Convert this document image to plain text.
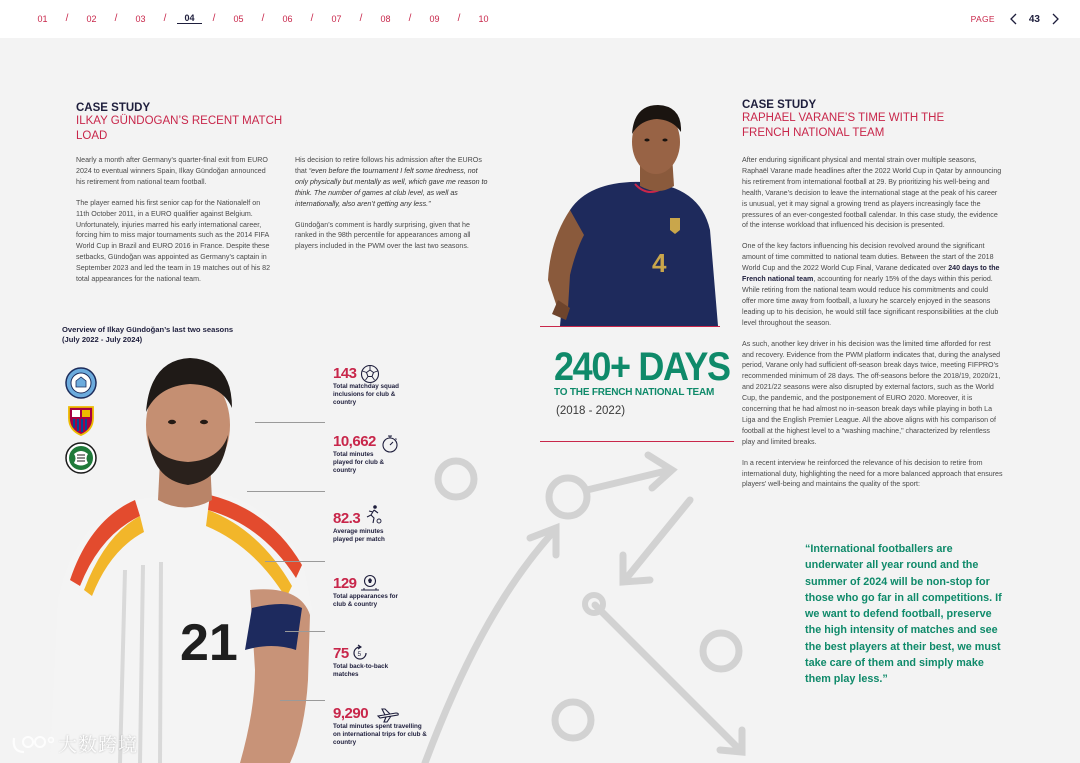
01	/	02	/	03	/	04	/	05	/	06	/	07	/	08	/	09	/	10	PAGE	43
CASE STUDY
ILKAY GÜNDOGAN’S RECENT MATCH LOAD

Nearly a month after Germany’s quarter-final exit from EURO 2024 to eventual winners Spain, Ilkay Gündoğan announced his retirement from national team football.

The player earned his first senior cap for the Nationalelf on 11th October 2011, in a EURO qualifier against Belgium. Unfortunately, injuries marred his early international career, forcing him to miss major tournaments such as the 2014 FIFA World Cup in Brazil and EURO 2016 in France. Despite these setbacks, Gündoğan was appointed as Germany’s captain in September 2023 and led the team in 19 matches out of his 82 total appearances for the national team.

His decision to retire follows his admission after the EUROs that “even before the tournament I felt some tiredness, not only physically but mentally as well, which gave me reason to think. The number of games at club level, as well as internationally, also aren’t getting any less.”

Gündoğan’s comment is hardly surprising, given that he ranked in the 98th percentile for appearances among all players included in the PWM over the last two seasons.

Overview of Ilkay Gündoğan’s last two seasons
(July 2022 - July 2024)
21
143
Total matchday squad inclusions for club & country
10,662
Total minutes played for club & country
82.3
Average minutes played per match
129
Total appearances for club & country
75 5
Total back-to-back matches
9,290
Total minutes spent travelling on international trips for club & country
4
240+ DAYS
TO THE FRENCH NATIONAL TEAM
(2018 - 2022)
CASE STUDY
RAPHAEL VARANE’S TIME WITH THE FRENCH NATIONAL TEAM

After enduring significant physical and mental strain over multiple seasons, Raphaël Varane made headlines after the 2022 World Cup in Qatar by announcing his retirement from international football at 29. By prioritizing his well-being and health, Varane’s decision to leave the international stage at the peak of his career is unusual, yet it may signal a growing trend as players increasingly face the pressures of an ever-congested football calendar. In this case study, the evidence of the intense workload that influenced his decision is presented.

One of the key factors influencing his decision revolved around the significant amount of time committed to national team duties. Between the start of the 2018 World Cup and the 2022 World Cup Final, Varane dedicated over 240 days to the French national team, accounting for nearly 15% of the days within this period. While retiring from the national team would reduce his commitments and could offer more time away from football, a luxury he scarcely enjoyed in the seasons leading up to his decision, he would still face significant responsibilities at the club level throughout the season.

As such, another key driver in his decision was the limited time afforded for rest and recovery. Evidence from the PWM platform indicates that, during the analysed period, Varane only had sufficient off-season break days twice, meeting FIFPRO’s recommended minimum of 28 days. The off-seasons before the 2018/19, 2020/21, and 2021/22 seasons were also disrupted by external factors, such as the World Cup, the pandemic, and the postponement of EURO 2020. Moreover, it is concerning that he had almost no in-season break days while playing in both La Liga and the English Premier League. All the above aligns with his comparison of football at the highest level to a "washing machine," characterized by relentless play and limited breaks.

In a recent interview he reinforced the relevance of his decision to retire from international duty, highlighting the need for a more balanced approach that ensures players’ well-being and maintains the quality of the sport:

“International footballers are underwater all year round and the summer of 2024 will be non-stop for those who go far in all competitions. If we want to defend football, preserve the high intensity of matches and see the best players at their best, we must take care of them and simply make them play less.”
大数跨境
